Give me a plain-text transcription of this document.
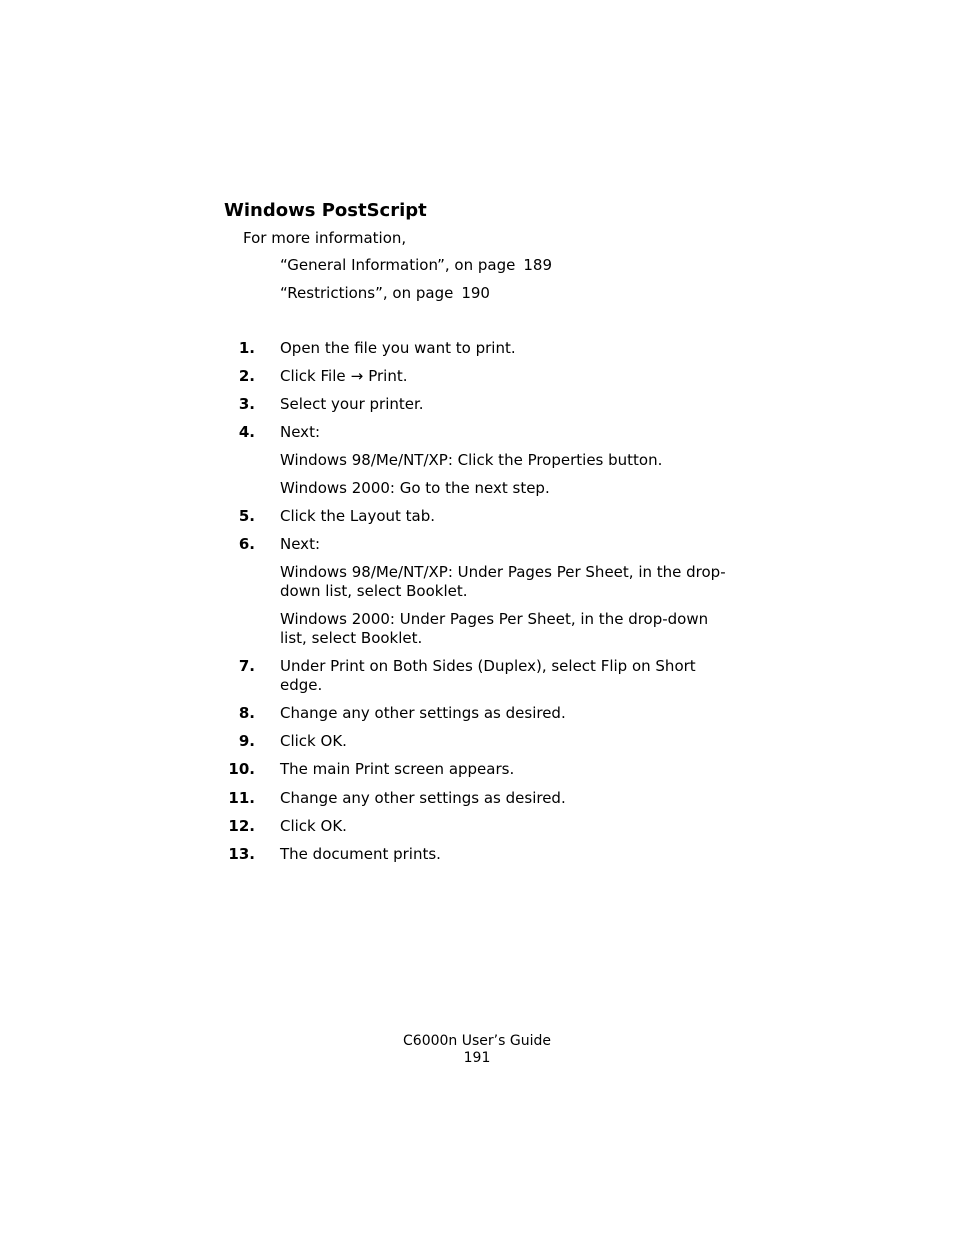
Windows PostScript
For more information,
“General Information”, on page 189
“Restrictions”, on page 190
1. Open the file you want to print.
2. Click File → Print.
3. Select your printer.
4. Next:
Windows 98/Me/NT/XP: Click the Properties button.
Windows 2000: Go to the next step.
5. Click the Layout tab.
6. Next:
Windows 98/Me/NT/XP: Under Pages Per Sheet, in the drop-down list, select Booklet.
Windows 2000: Under Pages Per Sheet, in the drop-down list, select Booklet.
7. Under Print on Both Sides (Duplex), select Flip on Short edge.
8. Change any other settings as desired.
9. Click OK.
10. The main Print screen appears.
11. Change any other settings as desired.
12. Click OK.
13. The document prints.
C6000n User’s Guide
191
